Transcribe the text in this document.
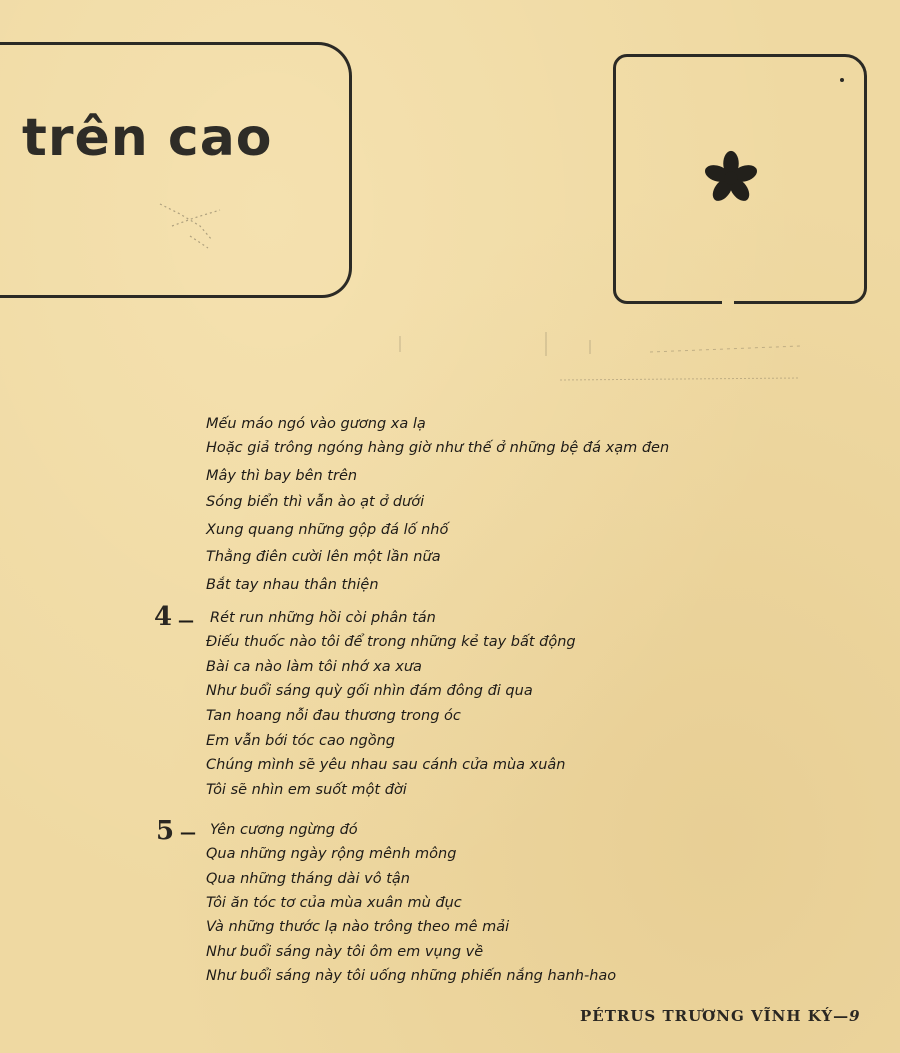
trên cao
Mếu máo ngó vào gương xa lạ
Hoặc giả trông ngóng hàng giờ như thế ở những bệ đá xạm đen
Mây thì bay bên trên
Sóng biển thì vẫn ào ạt ở dưới
Xung quang những gộp đá lố nhố
Thằng điên cười lên một lần nữa
Bắt tay nhau thân thiện
4 — Rét run những hồi còi phân tán
Điếu thuốc nào tôi để trong những kẻ tay bất động
Bài ca nào làm tôi nhớ xa xưa
Như buổi sáng quỳ gối nhìn đám đông đi qua
Tan hoang nỗi đau thương trong óc
Em vẫn bới tóc cao ngồng
Chúng mình sẽ yêu nhau sau cánh cửa mùa xuân
Tôi sẽ nhìn em suốt một đời
5 — Yên cương ngừng đó
Qua những ngày rộng mênh mông
Qua những tháng dài vô tận
Tôi ăn tóc tơ của mùa xuân mù đục
Và những thước lạ nào trông theo mê mải
Như buổi sáng này tôi ôm em vụng về
Như buổi sáng này tôi uống những phiến nắng hanh-hao
PÉTRUS TRƯƠNG VĨNH KÝ—9
